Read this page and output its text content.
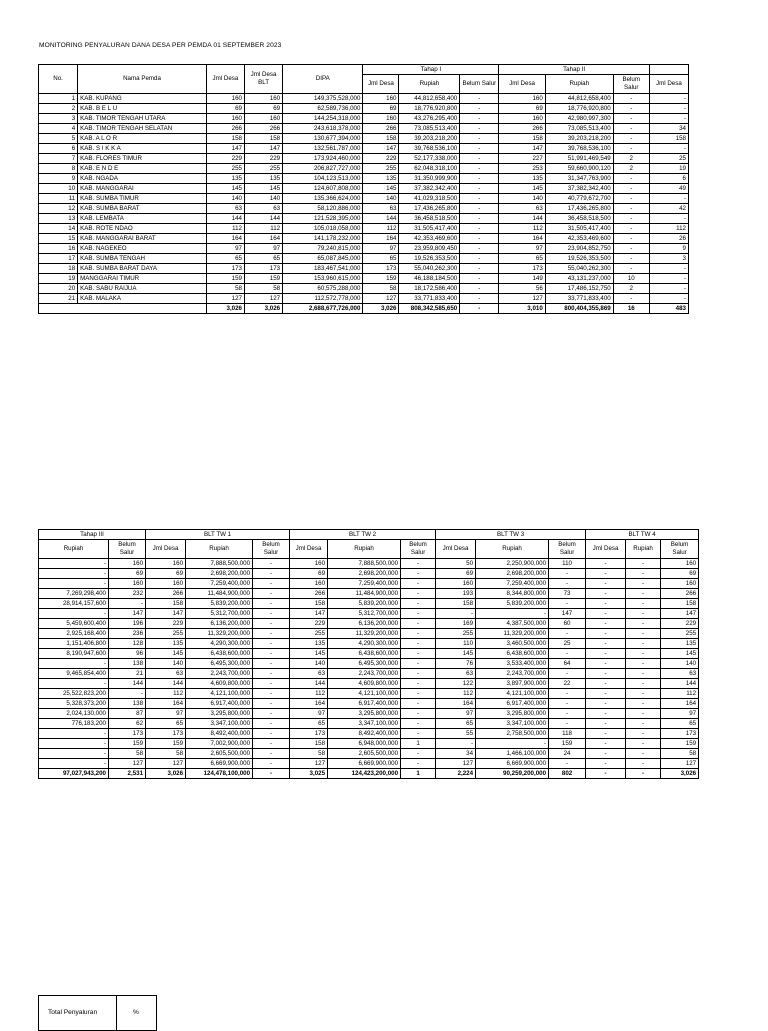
MONITORING PENYALURAN DANA DESA PER PEMDA 01 SEPTEMBER 2023
No.	Nama Pemda	Jml Desa	Jml Desa BLT	DIPA	Tahap I			Tahap II			
					Jml Desa	Rupiah	Belum Salur	Jml Desa	Rupiah	Belum Salur	Jml Desa
1	KAB. KUPANG	160	160	149,375,528,000	160	44,812,658,400	-	160	44,812,658,400	-	-
2	KAB. B E L U	69	69	62,589,736,000	69	18,776,920,800	-	69	18,776,920,800	-	-
3	KAB. TIMOR TENGAH UTARA	160	160	144,254,318,000	160	43,276,295,400	-	160	42,980,997,300	-	-
4	KAB. TIMOR TENGAH SELATAN	266	266	243,618,378,000	266	73,085,513,400	-	266	73,085,513,400	-	34
5	KAB. A L O R	158	158	130,677,394,000	158	39,203,218,200	-	158	39,203,218,200	-	158
6	KAB. S I K K A	147	147	132,561,787,000	147	39,768,536,100	-	147	39,768,536,100	-	-
7	KAB. FLORES TIMUR	229	229	173,924,460,000	229	52,177,338,000	-	227	51,991,469,549	2	25
8	KAB. E N D E	255	255	206,827,727,000	255	62,048,318,100	-	253	59,660,900,120	2	19
9	KAB. NGADA	135	135	104,123,513,000	135	31,350,999,900	-	135	31,347,763,900	-	6
10	KAB. MANGGARAI	145	145	124,607,808,000	145	37,382,342,400	-	145	37,382,342,400	-	49
11	KAB. SUMBA TIMUR	140	140	135,366,624,000	140	41,029,318,500	-	140	40,779,672,700	-	-
12	KAB. SUMBA BARAT	63	63	58,120,886,000	63	17,436,265,800	-	63	17,436,265,800	-	42
13	KAB. LEMBATA	144	144	121,528,395,000	144	36,458,518,500	-	144	36,458,518,500	-	-
14	KAB. ROTE NDAO	112	112	105,018,058,000	112	31,505,417,400	-	112	31,505,417,400	-	112
15	KAB. MANGGARAI BARAT	164	164	141,178,232,000	164	42,353,469,600	-	164	42,353,469,600	-	26
16	KAB. NAGEKEO	97	97	79,240,815,000	97	23,959,809,450	-	97	23,904,852,750	-	9
17	KAB. SUMBA TENGAH	65	65	65,087,845,000	65	19,526,353,500	-	65	19,526,353,500	-	3
18	KAB. SUMBA BARAT DAYA	173	173	183,467,541,000	173	55,040,262,300	-	173	55,040,262,300	-	-
19	MANGGARAI TIMUR	159	159	153,960,615,000	159	46,188,184,500	-	149	43,131,237,000	10	-
20	KAB. SABU RAIJUA	58	58	60,575,288,000	58	18,172,586,400	-	56	17,486,152,750	2	-
21	KAB. MALAKA	127	127	112,572,778,000	127	33,771,833,400	-	127	33,771,833,400	-	-
		3,026	3,026	2,688,677,726,000	3,026	808,342,585,650	-	3,010	800,404,355,869	16	483
Tahap III		BLT TW 1			BLT TW 2			BLT TW 3			BLT TW 4		
Rupiah	Belum Salur	Jml Desa	Rupiah	Belum Salur	Jml Desa	Rupiah	Belum Salur	Jml Desa	Rupiah	Belum Salur	Jml Desa	Rupiah	Belum Salur
-	160	160	7,888,500,000	-	160	7,888,500,000	-	50	2,250,900,000	110	-	-	160
-	69	69	2,698,200,000	-	69	2,698,200,000	-	69	2,698,200,000	-	-	-	69
-	160	160	7,259,400,000	-	160	7,259,400,000	-	160	7,259,400,000	-	-	-	160
7,269,298,400	232	266	11,484,900,000	-	266	11,484,900,000	-	193	8,344,800,000	73	-	-	266
28,914,157,600	-	158	5,839,200,000	-	158	5,839,200,000	-	158	5,839,200,000	-	-	-	158
-	147	147	5,312,700,000	-	147	5,312,700,000	-	-	-	147	-	-	147
5,459,600,400	196	229	6,136,200,000	-	229	6,136,200,000	-	169	4,387,500,000	60	-	-	229
2,925,168,400	236	255	11,329,200,000	-	255	11,329,200,000	-	255	11,329,200,000	-	-	-	255
1,151,406,800	128	135	4,290,300,000	-	135	4,290,300,000	-	110	3,460,500,000	25	-	-	135
8,190,947,600	96	145	6,438,600,000	-	145	6,438,600,000	-	145	6,438,600,000	-	-	-	145
-	138	140	6,495,300,000	-	140	6,495,300,000	-	76	3,533,400,000	64	-	-	140
9,465,854,400	21	63	2,243,700,000	-	63	2,243,700,000	-	63	2,243,700,000	-	-	-	63
-	144	144	4,609,800,000	-	144	4,609,800,000	-	122	3,897,900,000	22	-	-	144
25,522,823,200	-	112	4,121,100,000	-	112	4,121,100,000	-	112	4,121,100,000	-	-	-	112
5,328,373,200	138	164	6,917,400,000	-	164	6,917,400,000	-	164	6,917,400,000	-	-	-	164
2,024,130,000	87	97	3,295,800,000	-	97	3,295,800,000	-	97	3,295,800,000	-	-	-	97
776,183,200	62	65	3,347,100,000	-	65	3,347,100,000	-	65	3,347,100,000	-	-	-	65
-	173	173	8,492,400,000	-	173	8,492,400,000	-	55	2,758,500,000	118	-	-	173
-	159	159	7,002,900,000	-	158	6,948,000,000	1	-	-	159	-	-	159
-	58	58	2,605,500,000	-	58	2,605,500,000	-	34	1,466,100,000	24	-	-	58
-	127	127	6,669,900,000	-	127	6,669,900,000	-	127	6,669,900,000	-	-	-	127
97,027,943,200	2,531	3,026	124,478,100,000	-	3,025	124,423,200,000	1	2,224	90,259,200,000	802	-	-	3,026
Total Penyaluran	%
